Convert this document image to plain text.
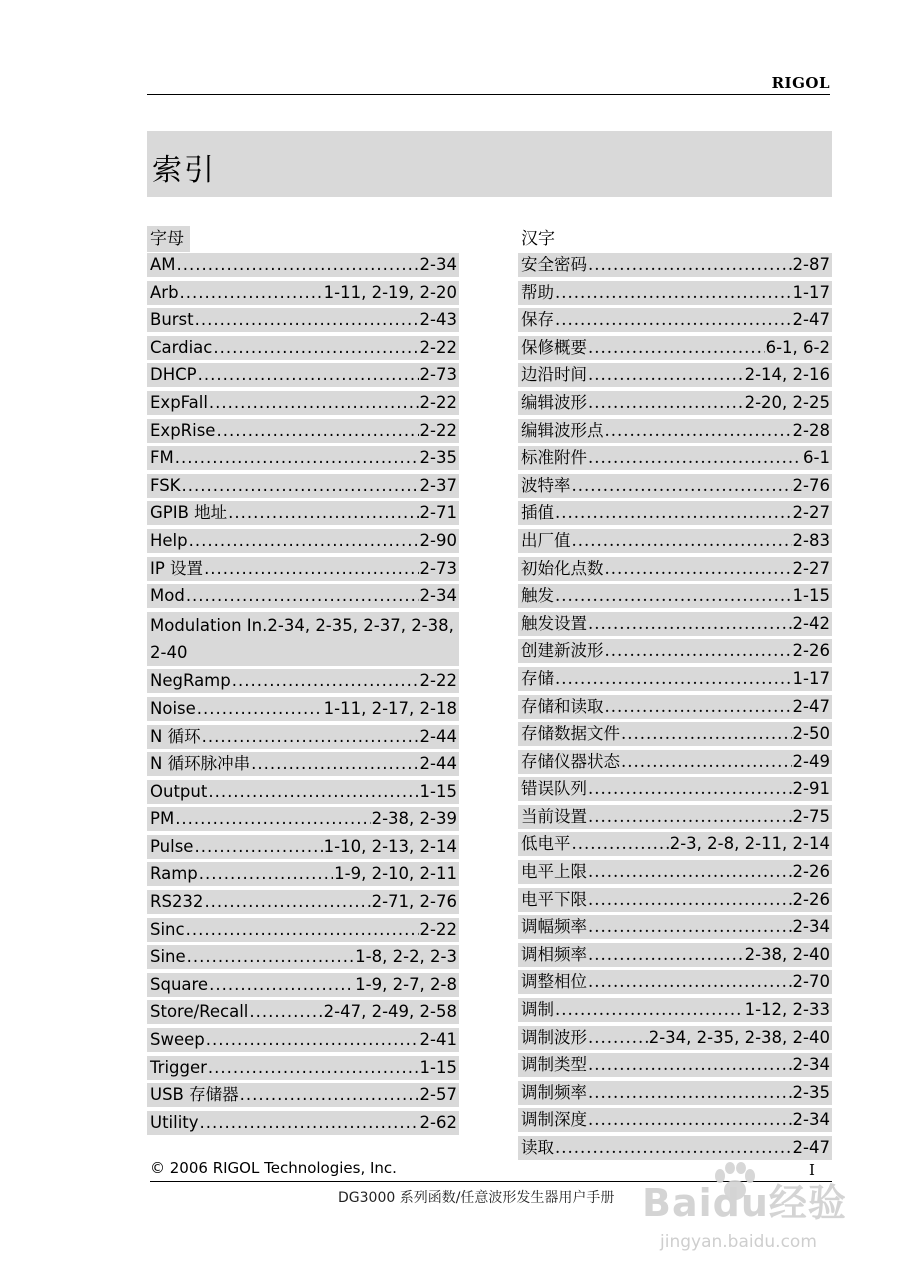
RIGOL
索引
字母
AM .....	2-34
Arb .....	1-11, 2-19, 2-20
Burst .....	2-43
Cardiac .....	2-22
DHCP .....	2-73
ExpFall .....	2-22
ExpRise .....	2-22
FM .....	2-35
FSK .....	2-37
GPIB 地址 .....	2-71
Help .....	2-90
IP 设置 .....	2-73
Mod .....	2-34
Modulation In.2-34, 2-35, 2-37, 2-38,
2-40
NegRamp .....	2-22
Noise .....	1-11, 2-17, 2-18
N 循环 .....	2-44
N 循环脉冲串 .....	2-44
Output .....	1-15
PM .....	2-38, 2-39
Pulse .....	1-10, 2-13, 2-14
Ramp .....	1-9, 2-10, 2-11
RS232 .....	2-71, 2-76
Sinc .....	2-22
Sine .....	1-8, 2-2, 2-3
Square .....	1-9, 2-7, 2-8
Store/Recall .....	2-47, 2-49, 2-58
Sweep .....	2-41
Trigger .....	1-15
USB 存储器 .....	2-57
Utility .....	2-62
汉字
安全密码 .....	2-87
帮助 .....	1-17
保存 .....	2-47
保修概要 .....	6-1, 6-2
边沿时间 .....	2-14, 2-16
编辑波形 .....	2-20, 2-25
编辑波形点 .....	2-28
标准附件 .....	6-1
波特率 .....	2-76
插值 .....	2-27
出厂值 .....	2-83
初始化点数 .....	2-27
触发 .....	1-15
触发设置 .....	2-42
创建新波形 .....	2-26
存储 .....	1-17
存储和读取 .....	2-47
存储数据文件 .....	2-50
存储仪器状态 .....	2-49
错误队列 .....	2-91
当前设置 .....	2-75
低电平 .....	2-3, 2-8, 2-11, 2-14
电平上限 .....	2-26
电平下限 .....	2-26
调幅频率 .....	2-34
调相频率 .....	2-38, 2-40
调整相位 .....	2-70
调制 .....	1-12, 2-33
调制波形 .....	2-34, 2-35, 2-38, 2-40
调制类型 .....	2-34
调制频率 .....	2-35
调制深度 .....	2-34
读取 .....	2-47
© 2006 RIGOL Technologies, Inc.	I
DG3000 系列函数/任意波形发生器用户手册 Baidu经验
jingyan.baidu.com
